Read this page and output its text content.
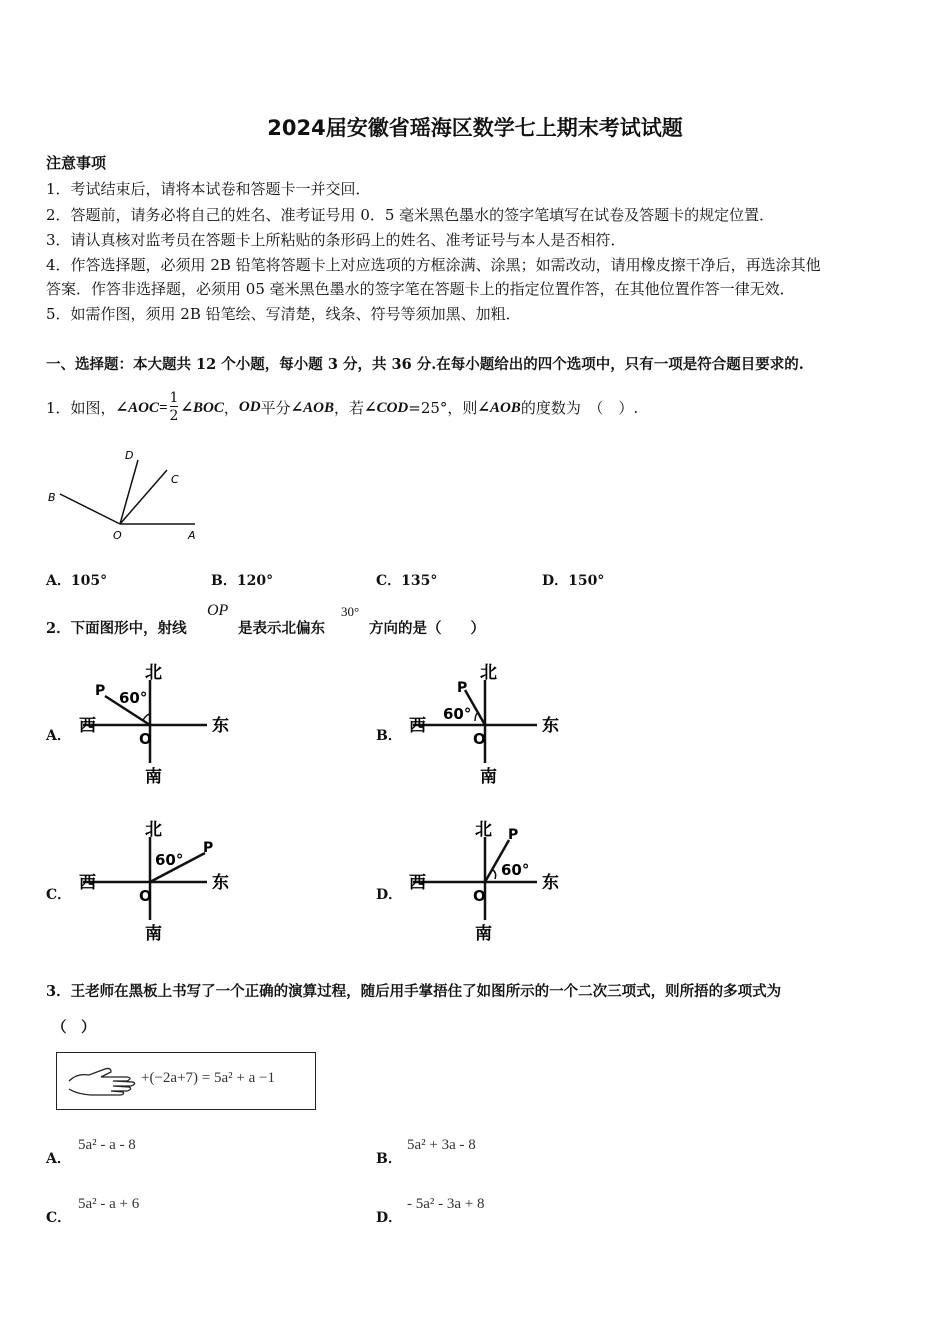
2024届安徽省瑶海区数学七上期末考试试题
注意事项
1．考试结束后，请将本试卷和答题卡一并交回．
2．答题前，请务必将自己的姓名、准考证号用 0．5 毫米黑色墨水的签字笔填写在试卷及答题卡的规定位置．
3．请认真核对监考员在答题卡上所粘贴的条形码上的姓名、准考证号与本人是否相符．
4．作答选择题，必须用 2B 铅笔将答题卡上对应选项的方框涂满、涂黑；如需改动，请用橡皮擦干净后，再选涂其他
答案．作答非选择题，必须用 05 毫米黑色墨水的签字笔在答题卡上的指定位置作答，在其他位置作答一律无效．
5．如需作图，须用 2B 铅笔绘、写清楚，线条、符号等须加黑、加粗．
一、选择题：本大题共 12 个小题，每小题 3 分，共 36 分.在每小题给出的四个选项中，只有一项是符合题目要求的.
1．如图， ∠AOC= $\frac{1}{2}$ ∠BOC ， OD 平分 ∠AOB ，若 ∠COD =25°，则 ∠AOB 的度数为　（　）.
D
C
B
O	A
A．105°	B．120°	C．135°	D．150°
2．下面图形中，射线
OP
是表示北偏东
30°
方向的是（　　）
A．	B．
C．	D．
北
南
西	东
O
P 60°
北
南
西	东
O
P
60°
北
南
西	东
O
P
60°
北
南
西	东
O
P
60°
3．王老师在黑板上书写了一个正确的演算过程，随后用手掌捂住了如图所示的一个二次三项式，则所捂的多项式为
（　）
+(−2a+7) = 5a² + a −1
A．
5a² - a - 8
B．
5a² + 3a - 8
C．
5a² - a + 6
D．
- 5a² - 3a + 8
